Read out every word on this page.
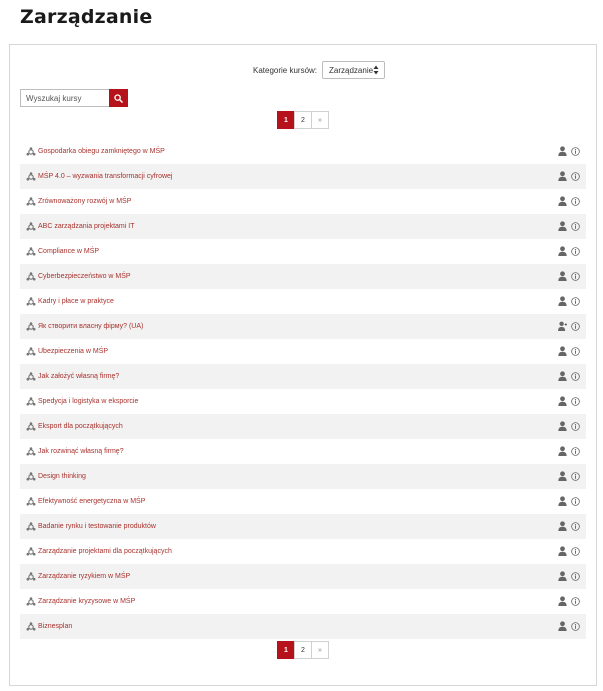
Zarządzanie
Kategorie kursów: Zarządzanie
Wyszukaj kursy
1	2	»
Gospodarka obiegu zamkniętego w MŚP
MŚP 4.0 – wyzwania transformacji cyfrowej
Zrównoważony rozwój w MŚP
ABC zarządzania projektami IT
Compliance w MŚP
Cyberbezpieczeństwo w MŚP
Kadry i płace w praktyce
Як створити власну фірму? (UA)
Ubezpieczenia w MŚP
Jak założyć własną firmę?
Spedycja i logistyka w eksporcie
Eksport dla początkujących
Jak rozwinąć własną firmę?
Design thinking
Efektywność energetyczna w MŚP
Badanie rynku i testowanie produktów
Zarządzanie projektami dla początkujących
Zarządzanie ryzykiem w MŚP
Zarządzanie kryzysowe w MŚP
Biznesplan
1	2	»
